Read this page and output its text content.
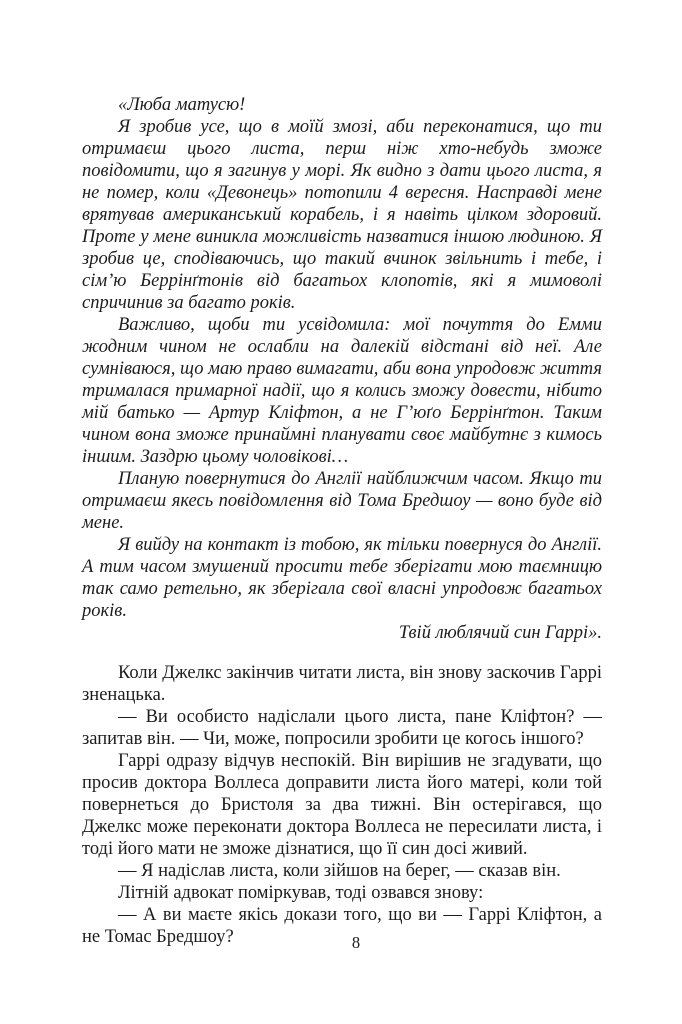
«Люба матусю!

Я зробив усе, що в моїй змозі, аби переконатися, що ти отримаєш цього листа, перш ніж хто-небудь зможе повідомити, що я загинув у морі. Як видно з дати цього листа, я не помер, коли «Девонець» потопили 4 вересня. Насправді мене врятував американський корабель, і я навіть цілком здоровий. Проте у мене виникла можливість назватися іншою людиною. Я зробив це, сподіваючись, що такий вчинок звільнить і тебе, і сім’ю Беррінґтонів від багатьох клопотів, які я мимоволі спричинив за багато років.

Важливо, щоби ти усвідомила: мої почуття до Емми жодним чином не ослабли на далекій відстані від неї. Але сумніваюся, що маю право вимагати, аби вона упродовж життя трималася примарної надії, що я колись зможу довести, нібито мій батько — Артур Кліфтон, а не Г’юґо Беррінґтон. Таким чином вона зможе принаймні планувати своє майбутнє з кимось іншим. Заздрю цьому чоловікові…

Планую повернутися до Англії найближчим часом. Якщо ти отримаєш якесь повідомлення від Тома Бредшоу — воно буде від мене.

Я вийду на контакт із тобою, як тільки повернуся до Англії. А тим часом змушений просити тебе зберігати мою таємницю так само ретельно, як зберігала свої власні упродовж багатьох років.

Твій люблячий син Гаррі».

Коли Джелкс закінчив читати листа, він знову заскочив Гаррі зненацька.

— Ви особисто надіслали цього листа, пане Кліфтон? — запитав він. — Чи, може, попросили зробити це когось іншого?

Гаррі одразу відчув неспокій. Він вирішив не згадувати, що просив доктора Воллеса доправити листа його матері, коли той повернеться до Бристоля за два тижні. Він остерігався, що Джелкс може переконати доктора Воллеса не пересилати листа, і тоді його мати не зможе дізнатися, що її син досі живий.

— Я надіслав листа, коли зійшов на берег, — сказав він.

Літній адвокат поміркував, тоді озвався знову:

— А ви маєте якісь докази того, що ви — Гаррі Кліфтон, а не Томас Бредшоу?	8
